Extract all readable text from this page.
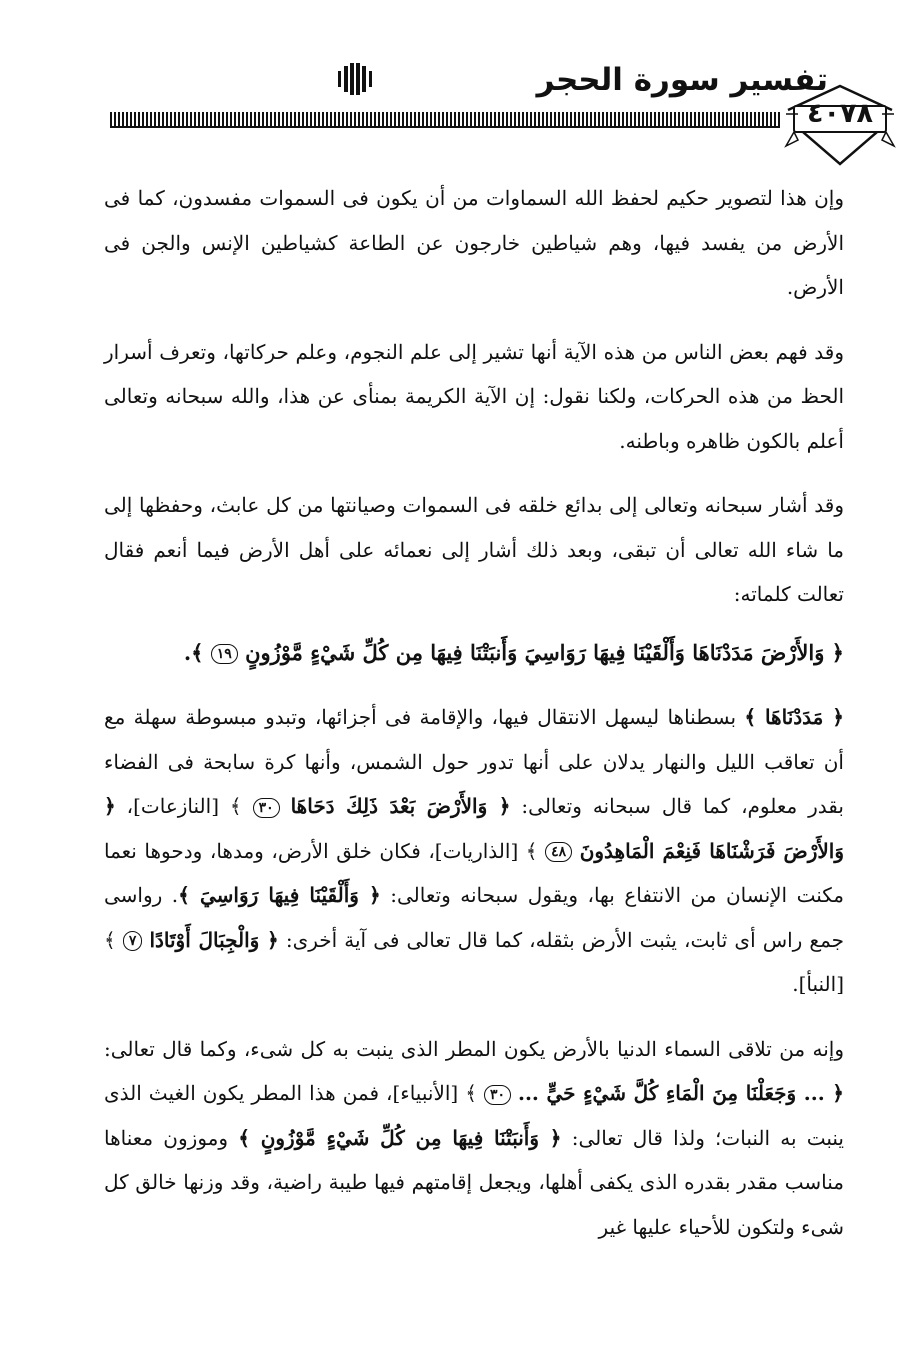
تفسير سورة الحجر
٤٠٧٨

وإن هذا لتصوير حكيم لحفظ الله السماوات من أن يكون فى السموات مفسدون، كما فى الأرض من يفسد فيها، وهم شياطين خارجون عن الطاعة كشياطين الإنس والجن فى الأرض.

وقد فهم بعض الناس من هذه الآية أنها تشير إلى علم النجوم، وعلم حركاتها، وتعرف أسرار الحظ من هذه الحركات، ولكنا نقول: إن الآية الكريمة بمنأى عن هذا، والله سبحانه وتعالى أعلم بالكون ظاهره وباطنه.

وقد أشار سبحانه وتعالى إلى بدائع خلقه فى السموات وصيانتها من كل عابث، وحفظها إلى ما شاء الله تعالى أن تبقى، وبعد ذلك أشار إلى نعمائه على أهل الأرض فيما أنعم فقال تعالت كلماته:

﴿ وَالأَرْضَ مَدَدْنَاهَا وَأَلْقَيْنَا فِيهَا رَوَاسِيَ وَأَنبَتْنَا فِيهَا مِن كُلِّ شَيْءٍ مَّوْزُونٍ ١٩ ﴾.

﴿ مَدَدْنَاهَا ﴾ بسطناها ليسهل الانتقال فيها، والإقامة فى أجزائها، وتبدو مبسوطة سهلة مع أن تعاقب الليل والنهار يدلان على أنها تدور حول الشمس، وأنها كرة سابحة فى الفضاء بقدر معلوم، كما قال سبحانه وتعالى: ﴿ وَالأَرْضَ بَعْدَ ذَلِكَ دَحَاهَا ٣٠ ﴾ [النازعات]، ﴿ وَالأَرْضَ فَرَشْنَاهَا فَنِعْمَ الْمَاهِدُونَ ٤٨ ﴾ [الذاريات]، فكان خلق الأرض، ومدها، ودحوها نعما مكنت الإنسان من الانتفاع بها، ويقول سبحانه وتعالى: ﴿ وَأَلْقَيْنَا فِيهَا رَوَاسِيَ ﴾. رواسى جمع راس أى ثابت، يثبت الأرض بثقله، كما قال تعالى فى آية أخرى: ﴿ وَالْجِبَالَ أَوْتَادًا ٧ ﴾ [النبأ].

وإنه من تلاقى السماء الدنيا بالأرض يكون المطر الذى ينبت به كل شىء، وكما قال تعالى: ﴿ ... وَجَعَلْنَا مِنَ الْمَاءِ كُلَّ شَيْءٍ حَيٍّ ... ٣٠ ﴾ [الأنبياء]، فمن هذا المطر يكون الغيث الذى ينبت به النبات؛ ولذا قال تعالى: ﴿ وَأَنبَتْنَا فِيهَا مِن كُلِّ شَيْءٍ مَّوْزُونٍ ﴾ وموزون معناها مناسب مقدر بقدره الذى يكفى أهلها، ويجعل إقامتهم فيها طيبة راضية، وقد وزنها خالق كل شىء ولتكون للأحياء عليها غير
